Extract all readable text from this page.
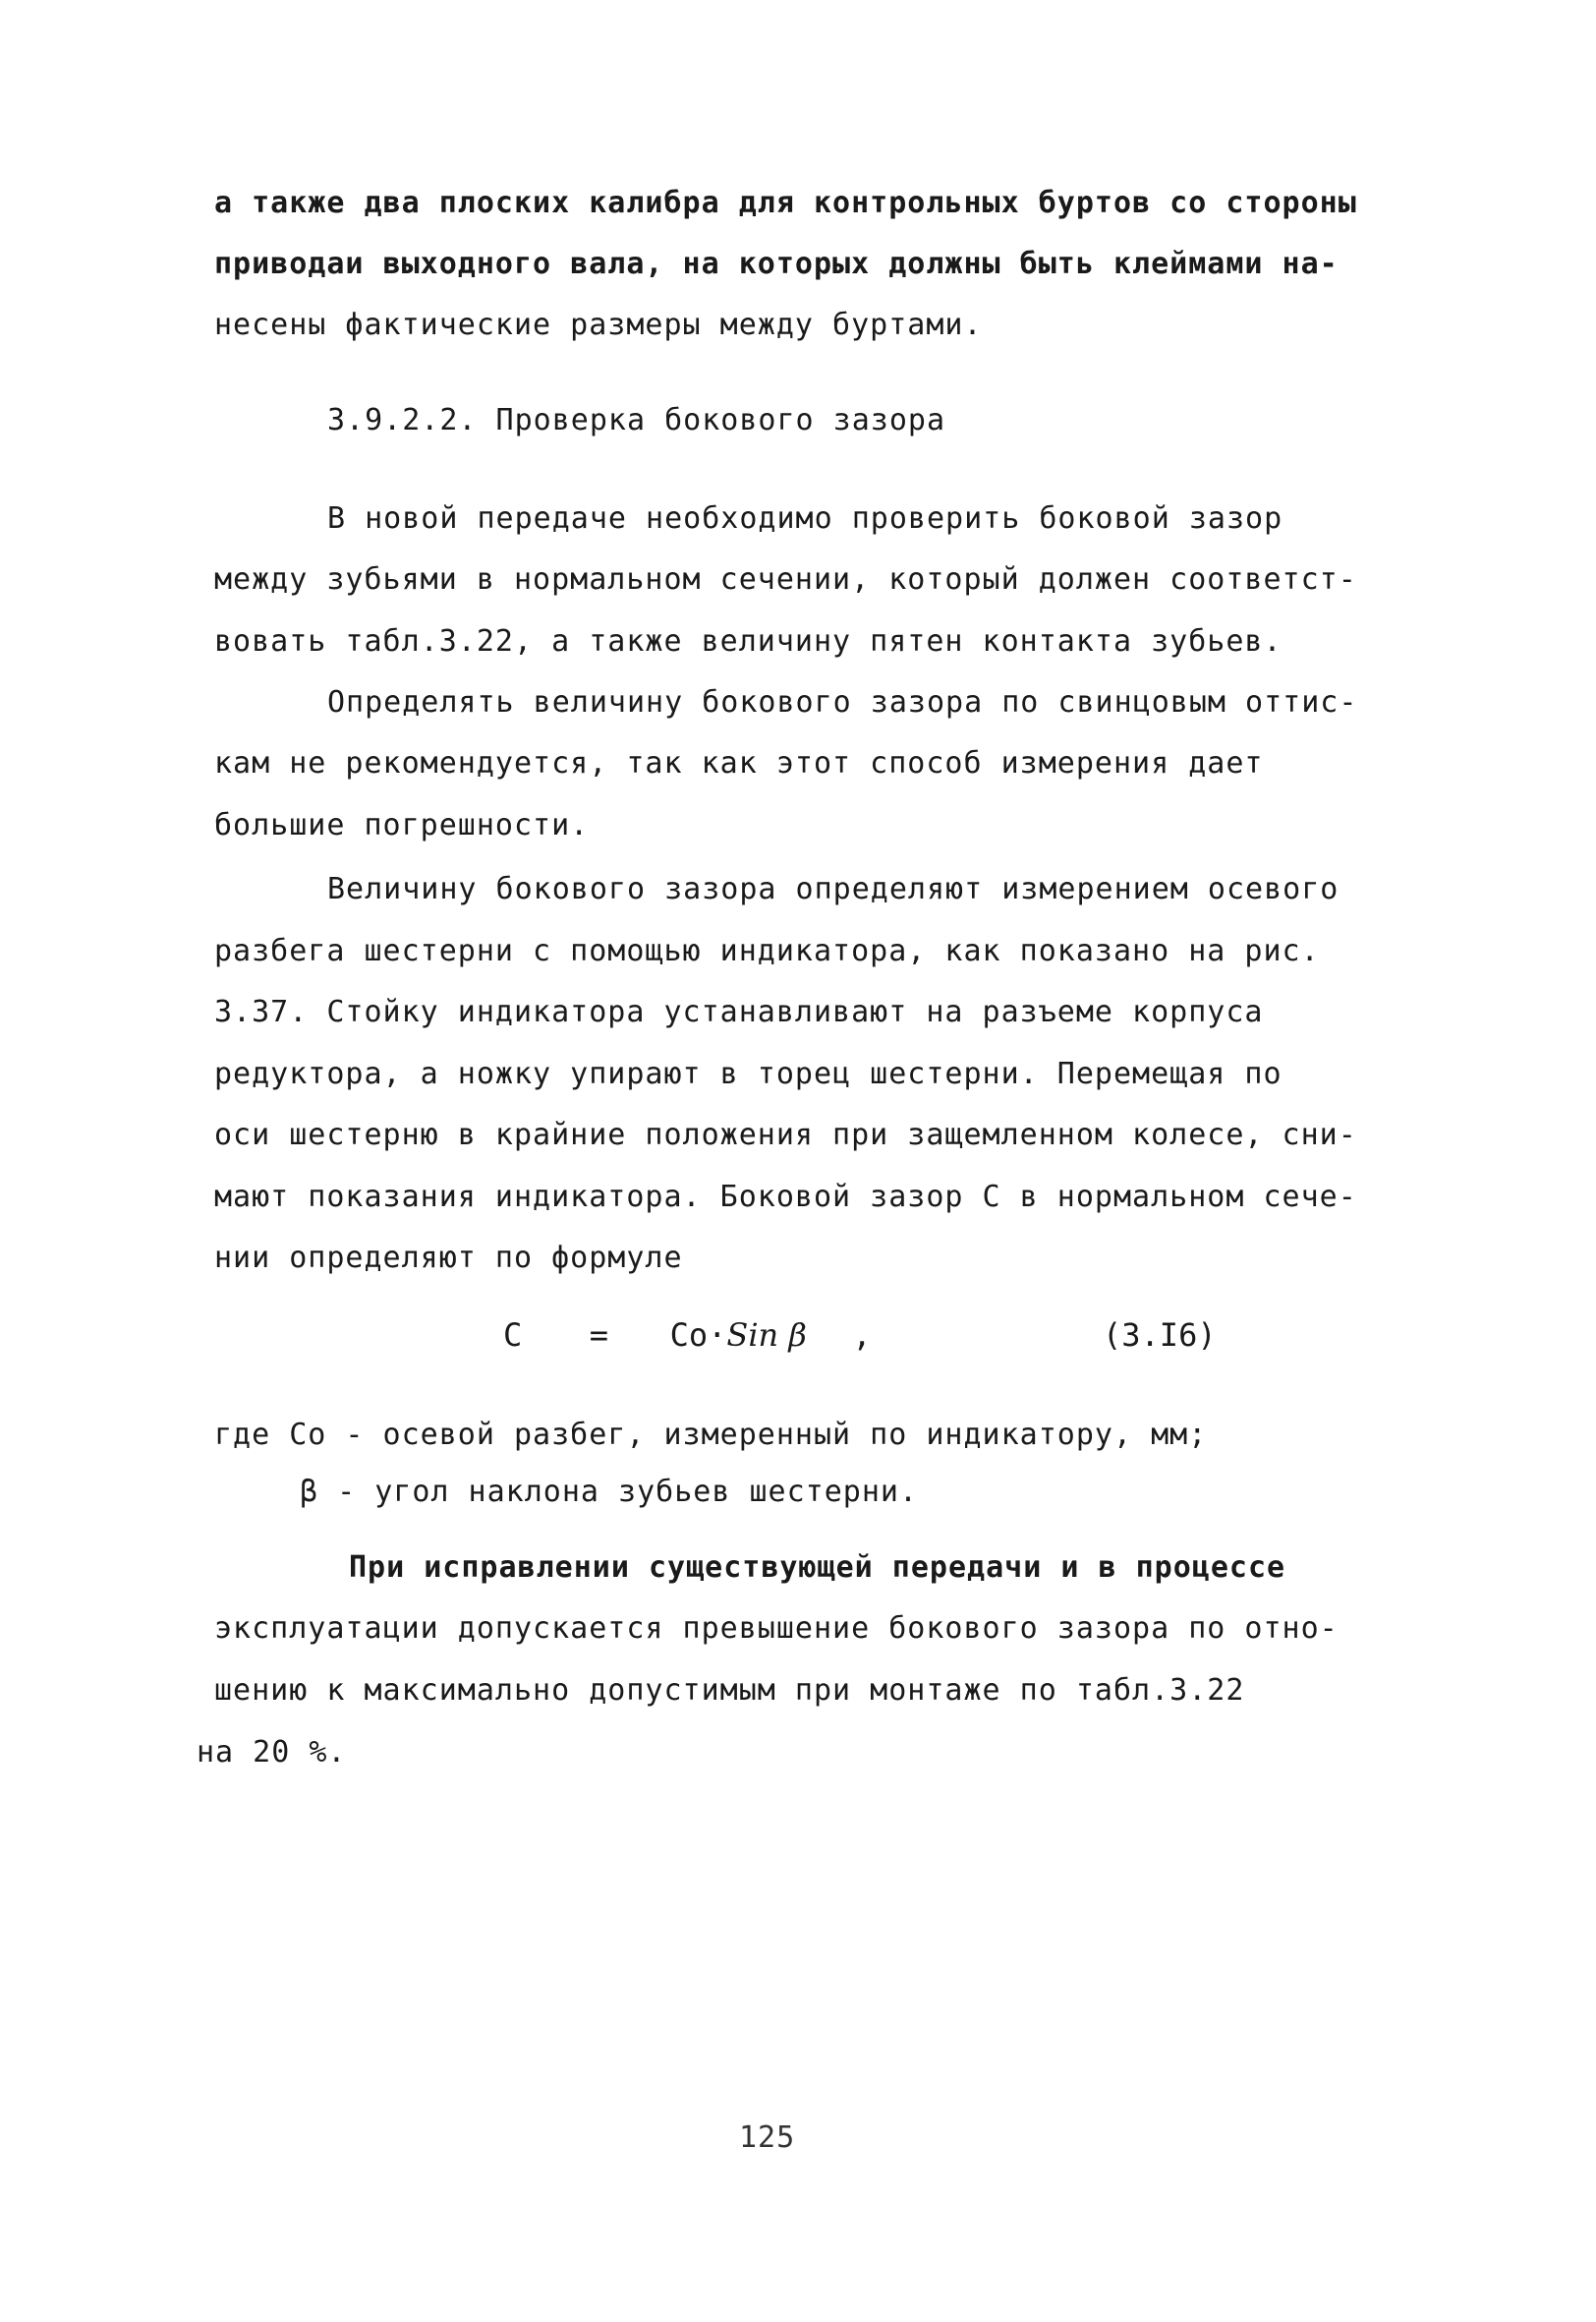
а также два плоских калибра для контрольных буртов со стороны
приводаи выходного вала, на которых должны быть клеймами на-
несены фактические размеры между буртами.
3.9.2.2. Проверка бокового зазора
В новой передаче необходимо проверить боковой зазор
между зубьями в нормальном сечении, который должен соответст-
вовать табл.3.22, а также величину пятен контакта зубьев.
Определять величину бокового зазора по свинцовым оттис-
кам не рекомендуется, так как этот способ измерения дает
большие погрешности.
Величину бокового зазора определяют измерением осевого
разбега шестерни с помощью индикатора, как показано на рис.
3.37. Стойку индикатора устанавливают на разъеме корпуса
редуктора, а ножку упирают в торец шестерни. Перемещая по
оси шестерню в крайние положения при защемленном колесе, сни-
мают показания индикатора. Боковой зазор С в нормальном сече-
нии определяют по формуле
С = Co·Sin β ,	(3.I6)
где Co - осевой разбег, измеренный по индикатору, мм;
β - угол наклона зубьев шестерни.
При исправлении существующей передачи и в процессе
эксплуатации допускается превышение бокового зазора по отно-
шению к максимально допустимым при монтаже по табл.3.22
на 20 %.
125
